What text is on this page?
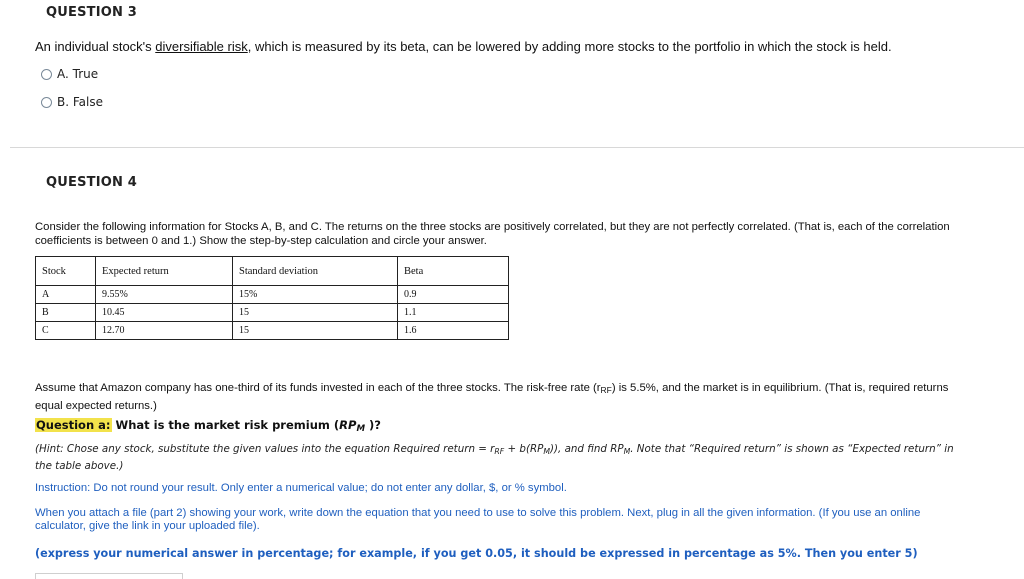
QUESTION 3
An individual stock's diversifiable risk, which is measured by its beta, can be lowered by adding more stocks to the portfolio in which the stock is held.
A. True
B. False
QUESTION 4
Consider the following information for Stocks A, B, and C. The returns on the three stocks are positively correlated, but they are not perfectly correlated. (That is, each of the correlation coefficients is between 0 and 1.) Show the step-by-step calculation and circle your answer.
Stock	Expected return	Standard deviation	Beta
A	9.55%	15%	0.9
B	10.45	15	1.1
C	12.70	15	1.6
Assume that Amazon company has one-third of its funds invested in each of the three stocks. The risk-free rate $(r_{RF})$ is 5.5%, and the market is in equilibrium. (That is, required returns equal expected returns.)
Question a: What is the market risk premium ($RP_M$ )?
(Hint: Chose any stock, substitute the given values into the equation Required return = $r_{RF} + b(RP_M)$), and find $RP_M$. Note that “Required return” is shown as “Expected return” in the table above.)
Instruction: Do not round your result. Only enter a numerical value; do not enter any dollar, $, or % symbol.
When you attach a file (part 2) showing your work, write down the equation that you need to use to solve this problem. Next, plug in all the given information. (If you use an online calculator, give the link in your uploaded file).
(express your numerical answer in percentage; for example, if you get 0.05, it should be expressed in percentage as 5%. Then you enter 5)
